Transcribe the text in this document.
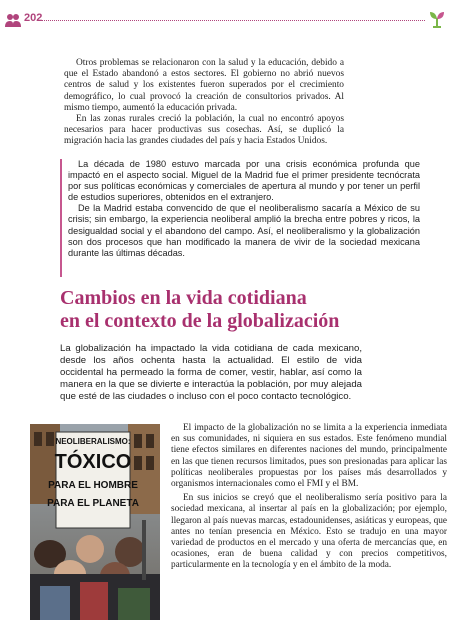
202

Otros problemas se relacionaron con la salud y la educación, debido a que el Estado abandonó a estos sectores. El gobierno no abrió nuevos centros de salud y los existentes fueron superados por el crecimiento demográfico, lo cual provocó la creación de consultorios privados. Al mismo tiempo, aumentó la educación privada.

En las zonas rurales creció la población, la cual no encontró apoyos necesarios para hacer productivas sus cosechas. Así, se duplicó la migración hacia las grandes ciudades del país y hacia Estados Unidos.

La década de 1980 estuvo marcada por una crisis económica profunda que impactó en el aspecto social. Miguel de la Madrid fue el primer presidente tecnócrata por sus políticas económicas y comerciales de apertura al mundo y por tener un perfil de estudios superiores, obtenidos en el extranjero.

De la Madrid estaba convencido de que el neoliberalismo sacaría a México de su crisis; sin embargo, la experiencia neoliberal amplió la brecha entre pobres y ricos, la desigualdad social y el abandono del campo. Así, el neoliberalismo y la globalización son dos procesos que han modificado la manera de vivir de la sociedad mexicana durante las últimas décadas.

Cambios en la vida cotidiana
en el contexto de la globalización

La globalización ha impactado la vida cotidiana de cada mexicano, desde los años ochenta hasta la actualidad. El estilo de vida occidental ha permeado la forma de comer, vestir, hablar, así como la manera en la que se divierte e interactúa la población, por muy alejada que esté de las ciudades o incluso con el poco contacto tecnológico.

NEOLIBERALISMO:
TÓXICO
PARA EL HOMBRE
PARA EL PLANETA

El impacto de la globalización no se limita a la experiencia inmediata en sus comunidades, ni siquiera en sus estados. Este fenómeno mundial tiene efectos similares en diferentes naciones del mundo, principalmente en las que tienen recursos limitados, pues son presionadas para aplicar las políticas neoliberales propuestas por los países más desarrollados y organismos internacionales como el FMI y el BM.

En sus inicios se creyó que el neoliberalismo sería positivo para la sociedad mexicana, al insertar al país en la globalización; por ejemplo, llegaron al país nuevas marcas, estadounidenses, asiáticas y europeas, que antes no tenían presencia en México. Esto se tradujo en una mayor variedad de productos en el mercado y una oferta de mercancías que, en ocasiones, eran de buena calidad y con precios competitivos, particularmente en la tecnología y en el ámbito de la moda.
